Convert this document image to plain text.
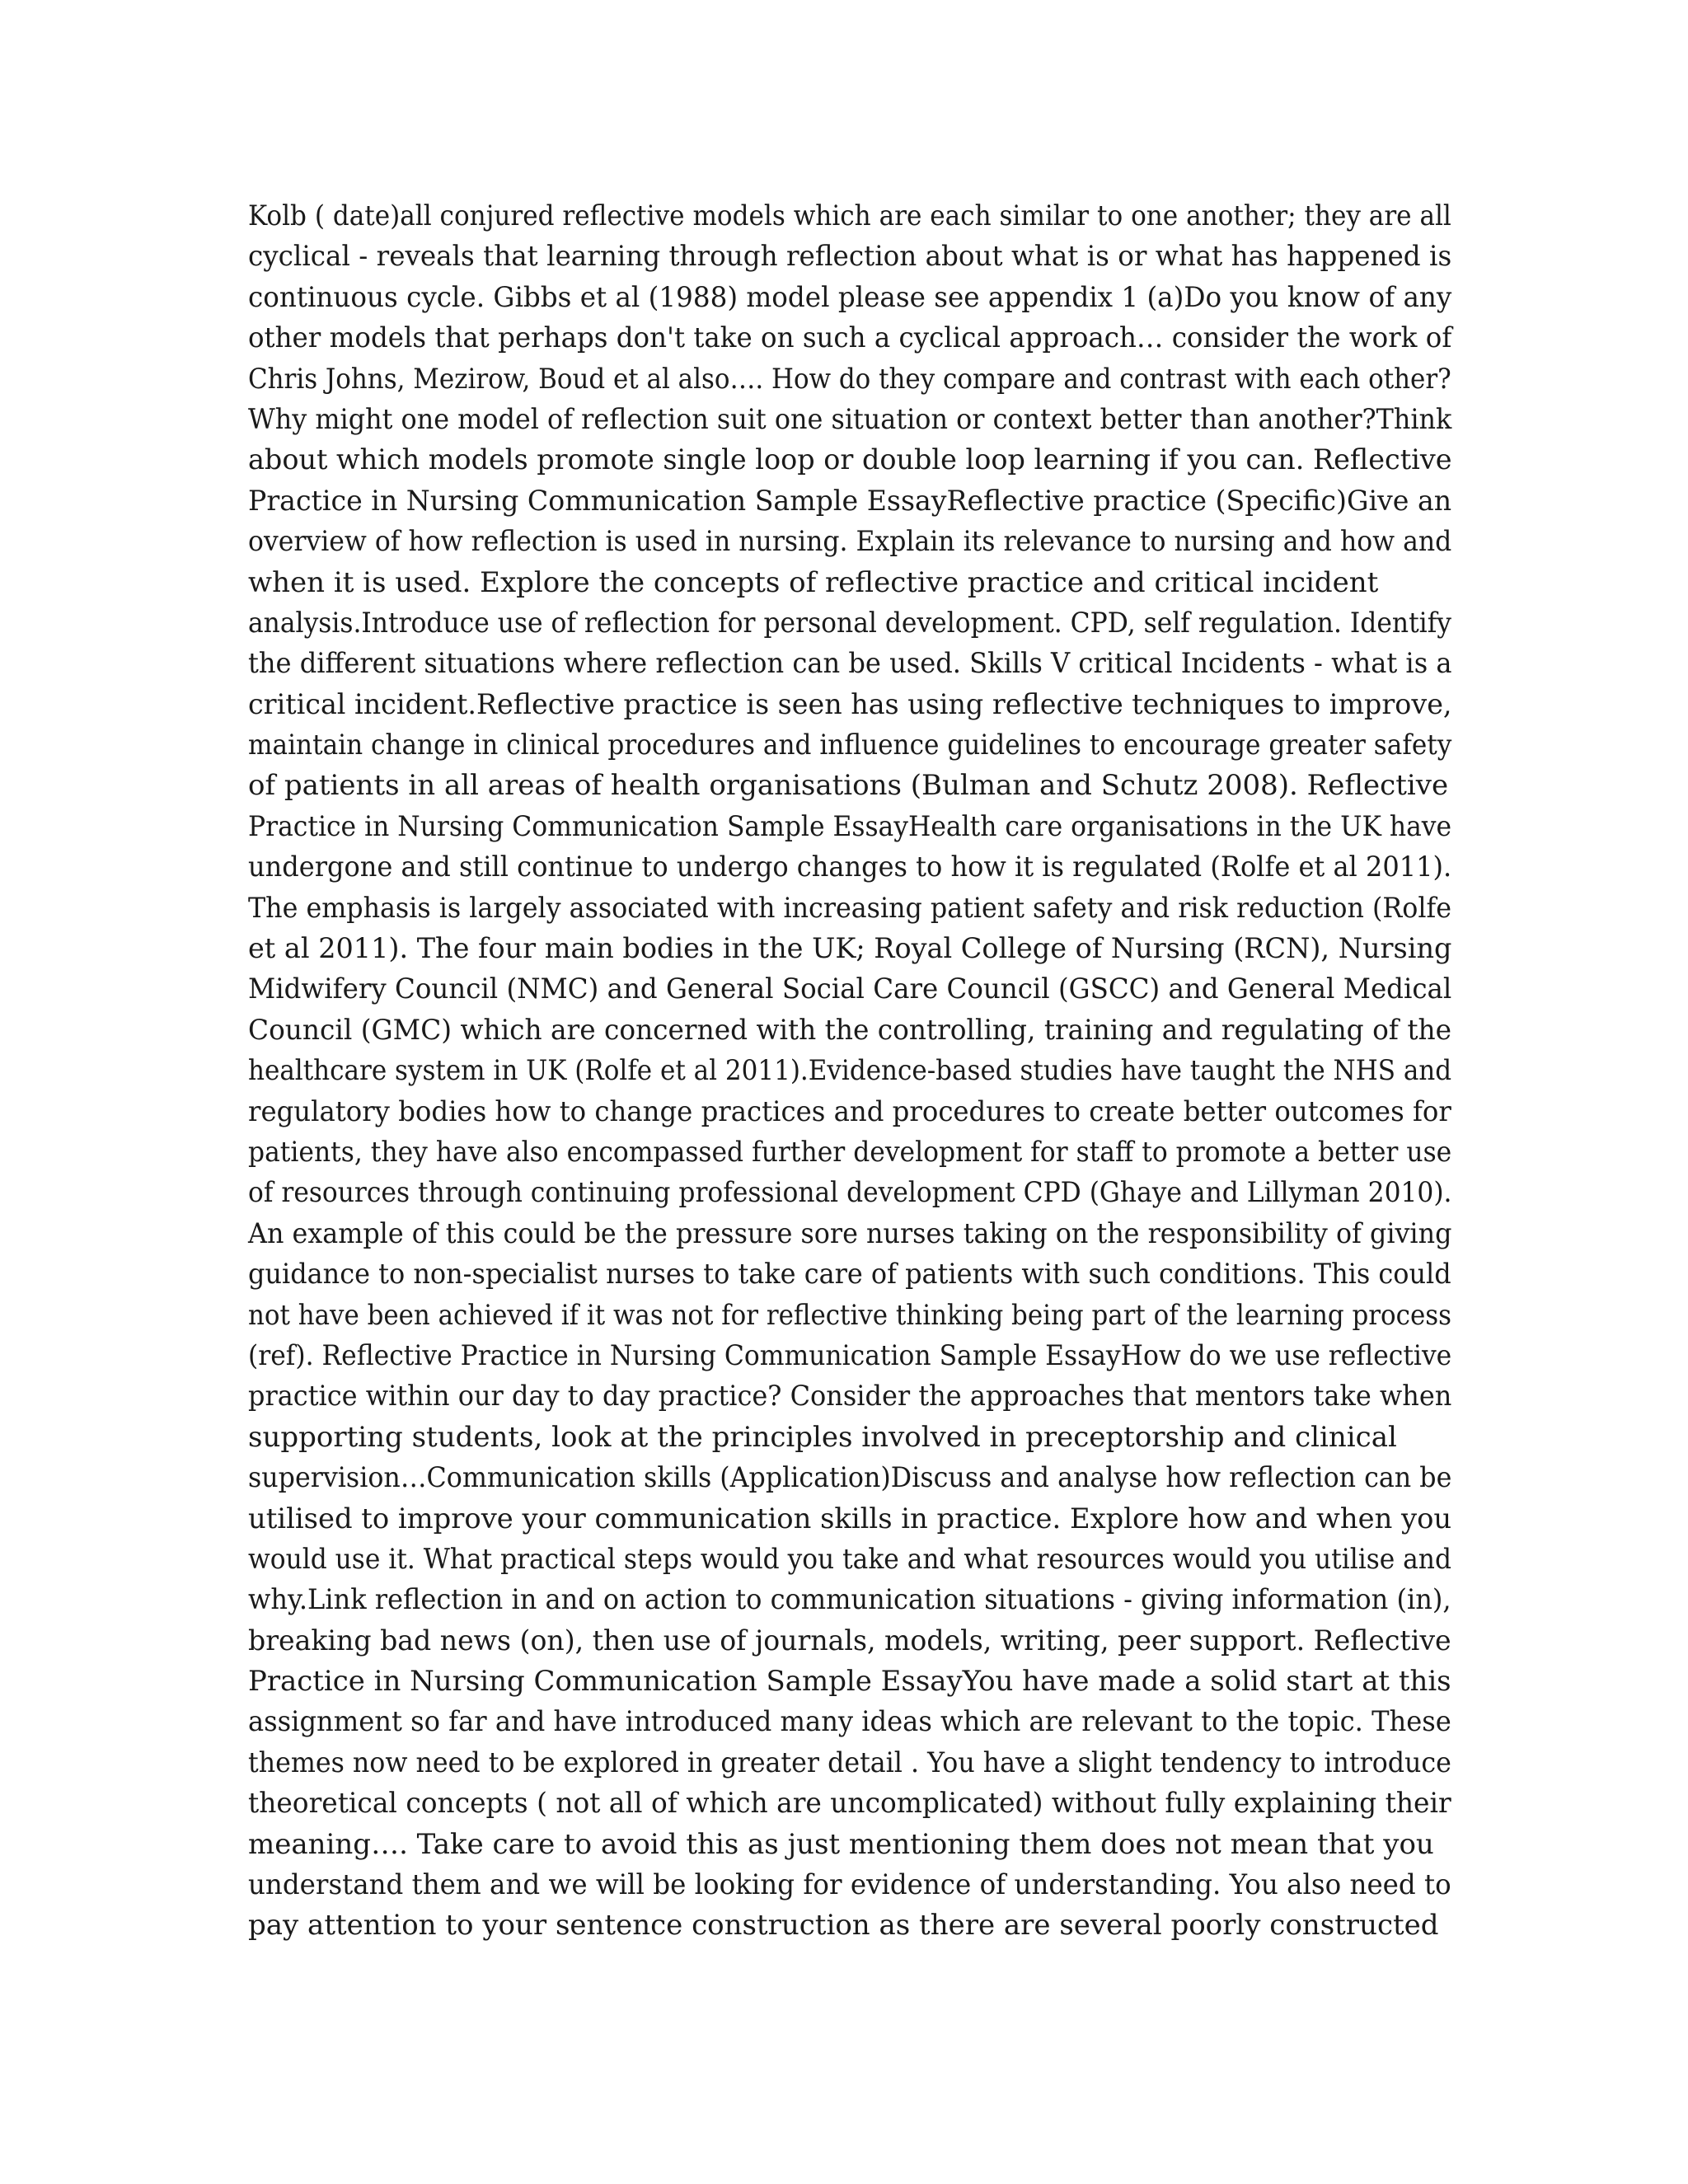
Kolb ( date)all conjured reflective models which are each similar to one another; they are all
cyclical - reveals that learning through reflection about what is or what has happened is
continuous cycle. Gibbs et al (1988) model please see appendix 1 (a)Do you know of any
other models that perhaps don't take on such a cyclical approach… consider the work of
Chris Johns, Mezirow, Boud et al also…. How do they compare and contrast with each other?
Why might one model of reflection suit one situation or context better than another?Think
about which models promote single loop or double loop learning if you can. Reflective
Practice in Nursing Communication Sample EssayReflective practice (Specific)Give an
overview of how reflection is used in nursing. Explain its relevance to nursing and how and
when it is used. Explore the concepts of reflective practice and critical incident
analysis.Introduce use of reflection for personal development. CPD, self regulation. Identify
the different situations where reflection can be used. Skills V critical Incidents - what is a
critical incident.Reflective practice is seen has using reflective techniques to improve,
maintain change in clinical procedures and influence guidelines to encourage greater safety
of patients in all areas of health organisations (Bulman and Schutz 2008). Reflective
Practice in Nursing Communication Sample EssayHealth care organisations in the UK have
undergone and still continue to undergo changes to how it is regulated (Rolfe et al 2011).
The emphasis is largely associated with increasing patient safety and risk reduction (Rolfe
et al 2011). The four main bodies in the UK; Royal College of Nursing (RCN), Nursing
Midwifery Council (NMC) and General Social Care Council (GSCC) and General Medical
Council (GMC) which are concerned with the controlling, training and regulating of the
healthcare system in UK (Rolfe et al 2011).Evidence-based studies have taught the NHS and
regulatory bodies how to change practices and procedures to create better outcomes for
patients, they have also encompassed further development for staff to promote a better use
of resources through continuing professional development CPD (Ghaye and Lillyman 2010).
An example of this could be the pressure sore nurses taking on the responsibility of giving
guidance to non-specialist nurses to take care of patients with such conditions. This could
not have been achieved if it was not for reflective thinking being part of the learning process
(ref). Reflective Practice in Nursing Communication Sample EssayHow do we use reflective
practice within our day to day practice? Consider the approaches that mentors take when
supporting students, look at the principles involved in preceptorship and clinical
supervision…Communication skills (Application)Discuss and analyse how reflection can be
utilised to improve your communication skills in practice. Explore how and when you
would use it. What practical steps would you take and what resources would you utilise and
why.Link reflection in and on action to communication situations - giving information (in),
breaking bad news (on), then use of journals, models, writing, peer support. Reflective
Practice in Nursing Communication Sample EssayYou have made a solid start at this
assignment so far and have introduced many ideas which are relevant to the topic. These
themes now need to be explored in greater detail . You have a slight tendency to introduce
theoretical concepts ( not all of which are uncomplicated) without fully explaining their
meaning…. Take care to avoid this as just mentioning them does not mean that you
understand them and we will be looking for evidence of understanding. You also need to
pay attention to your sentence construction as there are several poorly constructed
